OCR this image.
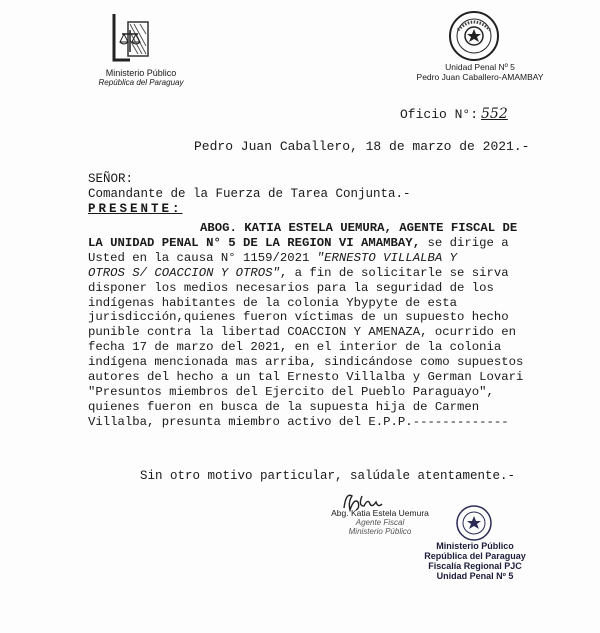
Ministerio Público
República del Paraguay
Unidad Penal Nº 5
Pedro Juan Caballero-AMAMBAY
Oficio N°: 552
Pedro Juan Caballero, 18 de marzo de 2021.-
SEÑOR:
Comandante de la Fuerza de Tarea Conjunta.-
PRESENTE:
ABOG. KATIA ESTELA UEMURA, AGENTE FISCAL DE
LA UNIDAD PENAL N° 5 DE LA REGION VI AMAMBAY, se dirige a
Usted en la causa N° 1159/2021 "ERNESTO VILLALBA Y
OTROS S/ COACCION Y OTROS", a fin de solicitarle se sirva
disponer los medios necesarios para la seguridad de los
indígenas habitantes de la colonia Ybypyte de esta
jurisdicción,quienes fueron víctimas de un supuesto hecho
punible contra la libertad COACCION Y AMENAZA, ocurrido en
fecha 17 de marzo del 2021, en el interior de la colonia
indígena mencionada mas arriba, sindicándose como supuestos
autores del hecho a un tal Ernesto Villalba y German Lovari
"Presuntos miembros del Ejercito del Pueblo Paraguayo",
quienes fueron en busca de la supuesta hija de Carmen
Villalba, presunta miembro activo del E.P.P.-------------
Sin otro motivo particular, salúdale atentamente.-
Abg. Katia Estela Uemura
Agente Fiscal
Ministerio Público
Ministerio Público
República del Paraguay
Fiscalía Regional PJC
Unidad Penal Nº 5
